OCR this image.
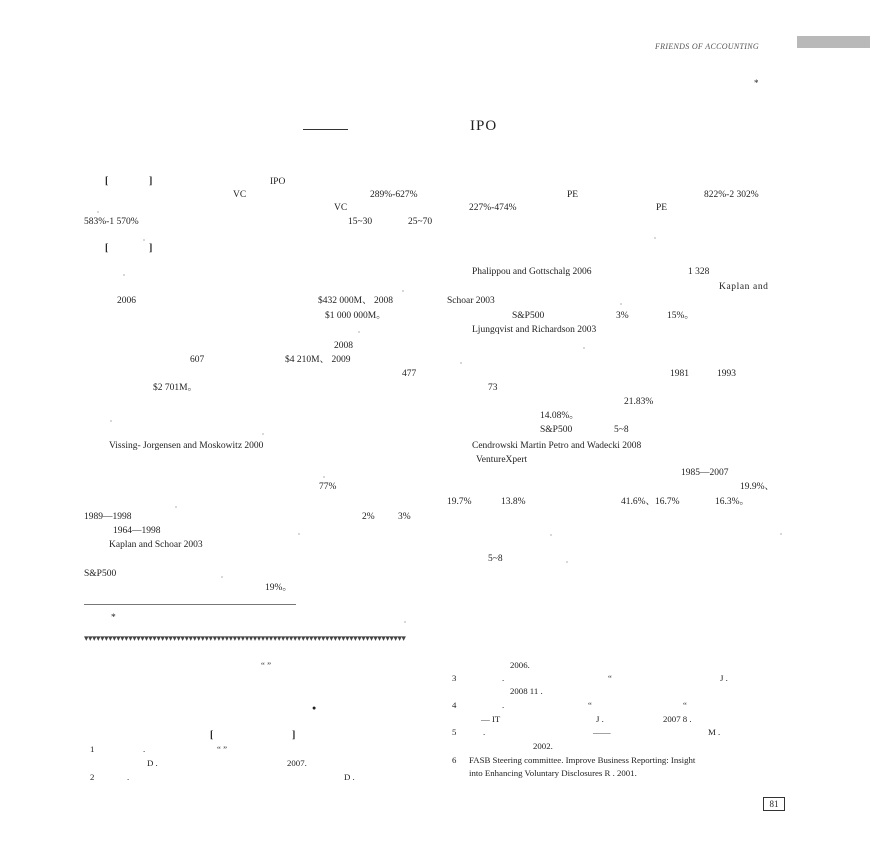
FRIENDS OF ACCOUNTING
*
IPO
[	]	IPO
VC	289%-627%	PE	822%-2 302%
VC	227%-474%	PE
583%-1 570%	15~30	25~70
[	]
2006	$432 000M、 2008
$1 000 000M。
2008
607	$4 210M、 2009
477
$2 701M。
Vissing- Jorgensen and Moskowitz 2000
77%
1989—1998	2% 3%
1964—1998
Kaplan and Schoar 2003
S&P500
19%。
Phalippou and Gottschalg 2006	1 328
Kaplan and
Schoar 2003
S&P500	3%	15%。
Ljungqvist and Richardson 2003
1981	1993
73
21.83%
14.08%。
S&P500	5~8
Cendrowski Martin Petro and Wadecki 2008
VentureXpert
1985—2007
19.9%、
19.7%	13.8%	41.6%、16.7%	16.3%。
5~8
*
▾▾▾▾▾▾▾▾▾▾▾▾▾▾▾▾▾▾▾▾▾▾▾▾▾▾▾▾▾▾▾▾▾▾▾▾▾▾▾▾▾▾▾▾▾▾▾▾▾▾▾▾▾▾▾▾▾▾▾▾▾▾▾▾▾▾▾▾▾▾▾▾▾▾▾▾▾▾▾▾
“ ”
●
[	]
1	.	“ ”
D .	2007.
2	.	D .
2006.
3	.	“	J .
2008 11 .
4	.	“	“
— IT	J .	2007 8 .
5	.	——	M .
2002.
6 FASB Steering committee. Improve Business Reporting: Insight
into Enhancing Voluntary Disclosures R . 2001.
81
